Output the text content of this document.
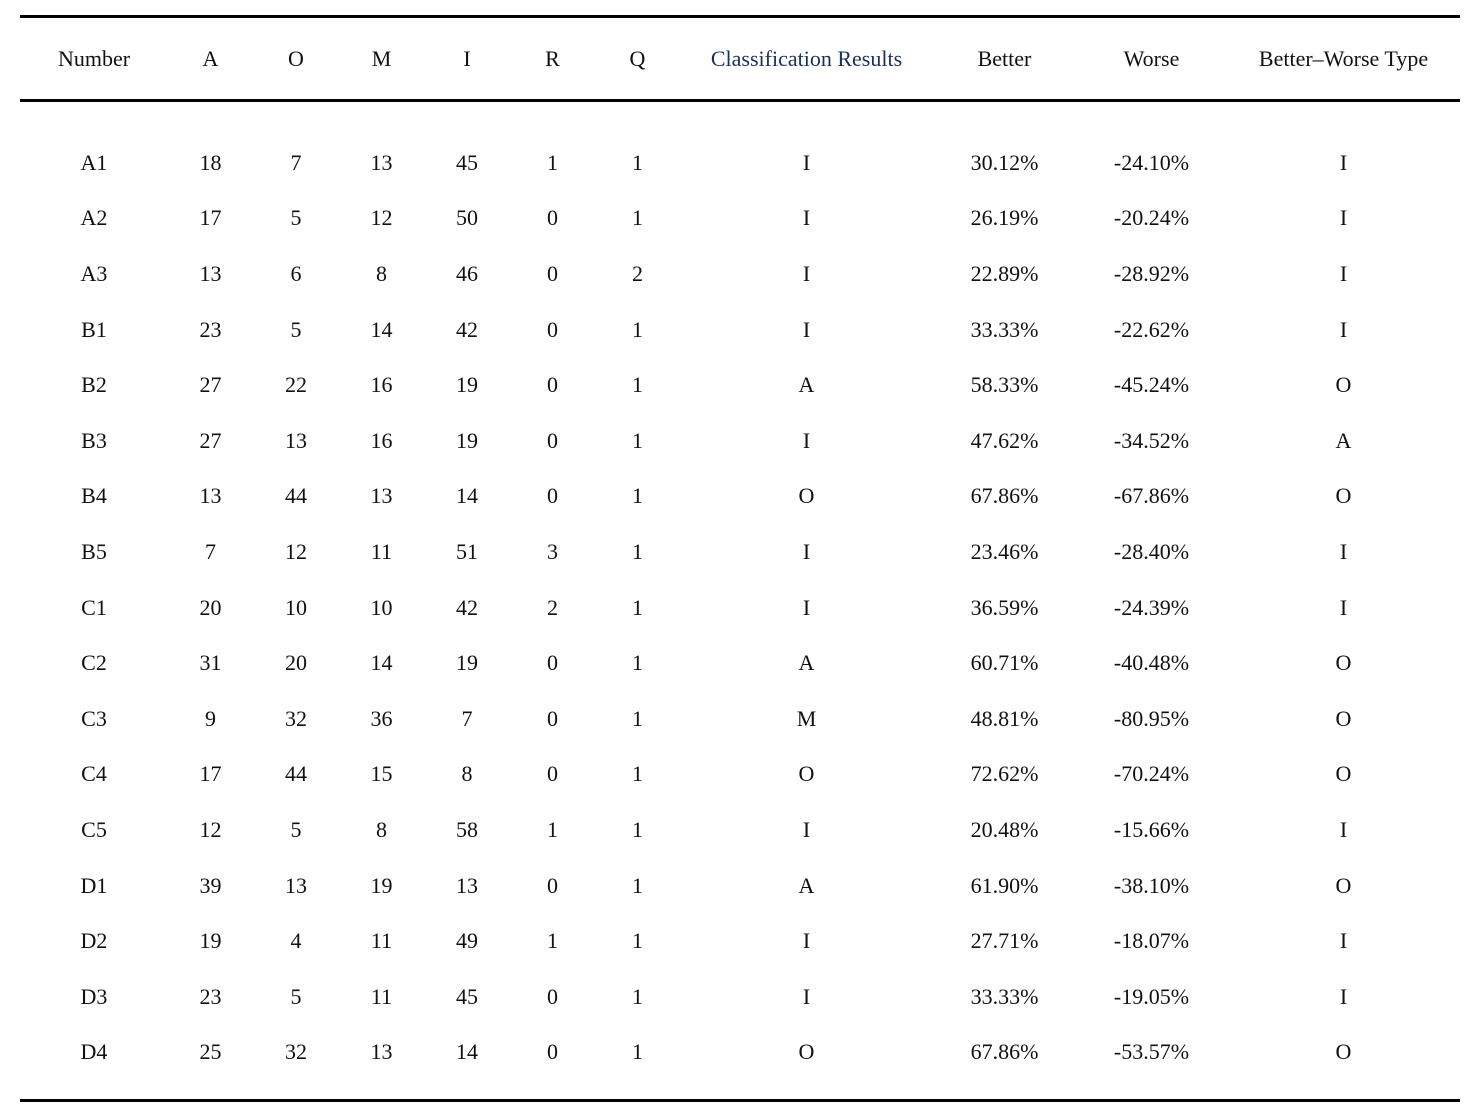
Number	A	O	M	I	R	Q	Classification Results	Better	Worse	Better–Worse Type
A1	18	7	13	45	1	1	I	30.12%	-24.10%	I
A2	17	5	12	50	0	1	I	26.19%	-20.24%	I
A3	13	6	8	46	0	2	I	22.89%	-28.92%	I
B1	23	5	14	42	0	1	I	33.33%	-22.62%	I
B2	27	22	16	19	0	1	A	58.33%	-45.24%	O
B3	27	13	16	19	0	1	I	47.62%	-34.52%	A
B4	13	44	13	14	0	1	O	67.86%	-67.86%	O
B5	7	12	11	51	3	1	I	23.46%	-28.40%	I
C1	20	10	10	42	2	1	I	36.59%	-24.39%	I
C2	31	20	14	19	0	1	A	60.71%	-40.48%	O
C3	9	32	36	7	0	1	M	48.81%	-80.95%	O
C4	17	44	15	8	0	1	O	72.62%	-70.24%	O
C5	12	5	8	58	1	1	I	20.48%	-15.66%	I
D1	39	13	19	13	0	1	A	61.90%	-38.10%	O
D2	19	4	11	49	1	1	I	27.71%	-18.07%	I
D3	23	5	11	45	0	1	I	33.33%	-19.05%	I
D4	25	32	13	14	0	1	O	67.86%	-53.57%	O
